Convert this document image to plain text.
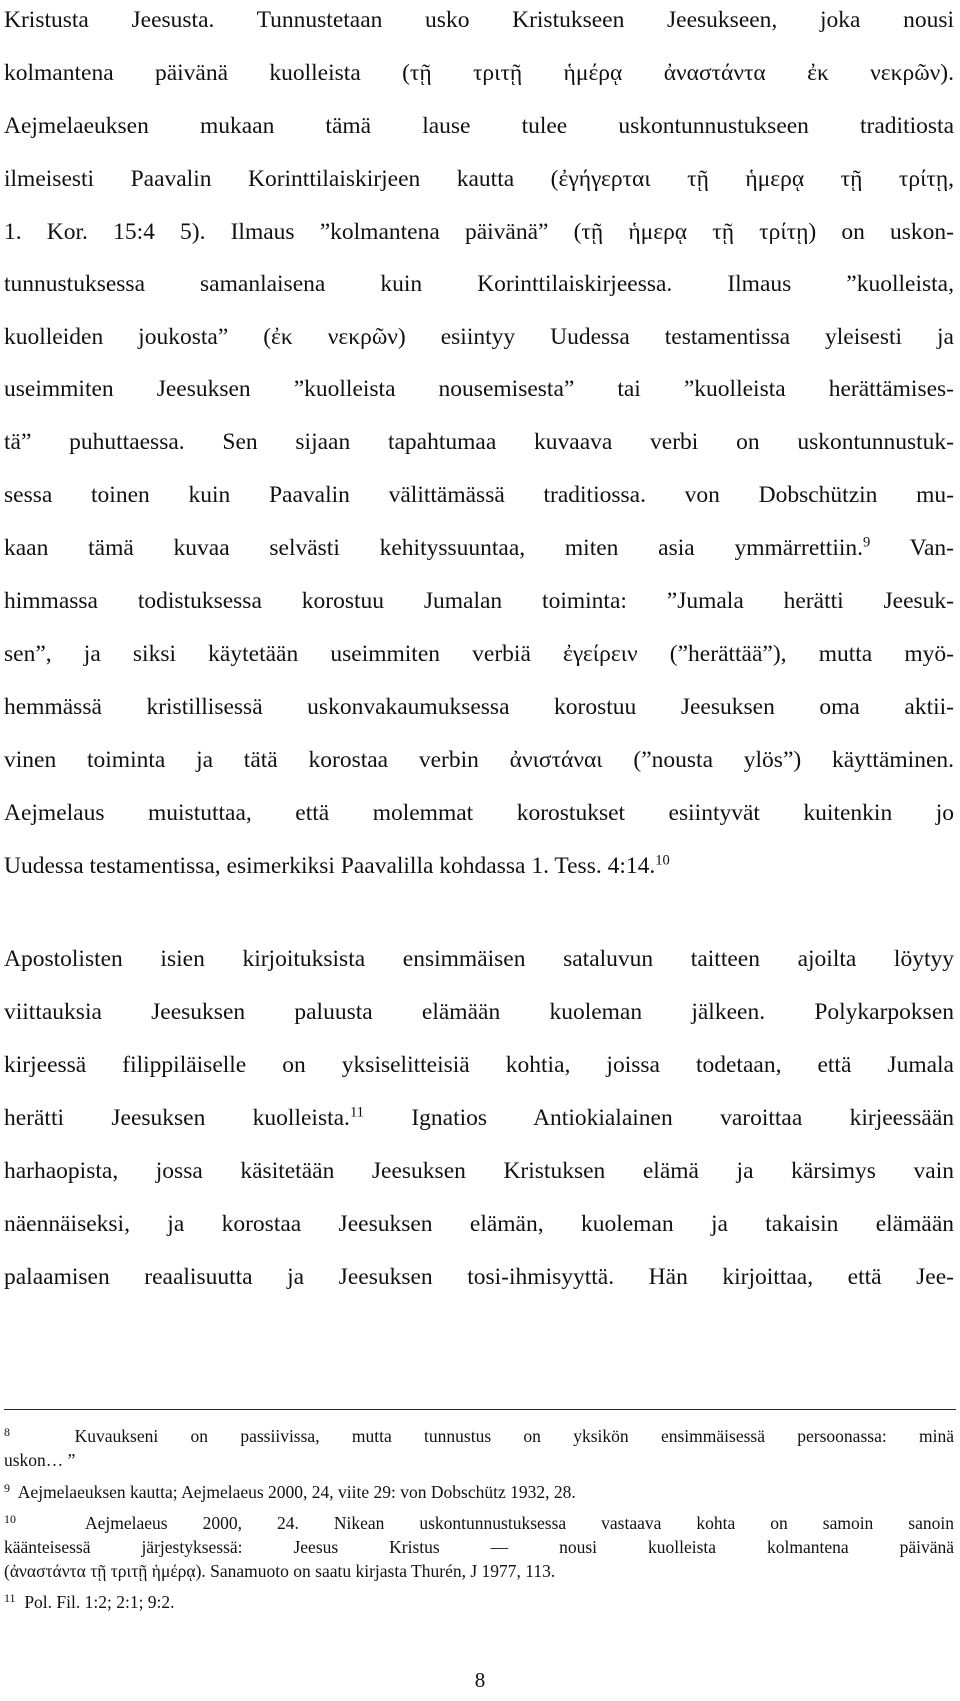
Kristusta Jeesusta. Tunnustetaan usko Kristukseen Jeesukseen, joka nousi
kolmantena päivänä kuolleista (τῇ τριτῇ ἡμέρᾳ ἀναστάντα ἐκ νεκρῶν).
Aejmelaeuksen mukaan tämä lause tulee uskontunnustukseen traditiosta
ilmeisesti Paavalin Korinttilaiskirjeen kautta (ἐγήγερται τῇ ἡμερᾳ τῇ τρίτῃ,
1. Kor. 15:4 5). Ilmaus ”kolmantena päivänä” (τῇ ἡμερᾳ τῇ τρίτῃ) on uskon-
tunnustuksessa samanlaisena kuin Korinttilaiskirjeessa. Ilmaus ”kuolleista,
kuolleiden joukosta” (ἐκ νεκρῶν) esiintyy Uudessa testamentissa yleisesti ja
useimmiten Jeesuksen ”kuolleista nousemisesta” tai ”kuolleista herättämises-
tä” puhuttaessa. Sen sijaan tapahtumaa kuvaava verbi on uskontunnustuk-
sessa toinen kuin Paavalin välittämässä traditiossa. von Dobschützin mu-
kaan tämä kuvaa selvästi kehityssuuntaa, miten asia ymmärrettiin.$^9$ Van-
himmassa todistuksessa korostuu Jumalan toiminta: ”Jumala herätti Jeesuk-
sen”, ja siksi käytetään useimmiten verbiä ἐγείρειν (”herättää”), mutta myö-
hemmässä kristillisessä uskonvakaumuksessa korostuu Jeesuksen oma aktii-
vinen toiminta ja tätä korostaa verbin ἀνιστάναι (”nousta ylös”) käyttäminen.
Aejmelaus muistuttaa, että molemmat korostukset esiintyvät kuitenkin jo
Uudessa testamentissa, esimerkiksi Paavalilla kohdassa 1. Tess. 4:14.10
Apostolisten isien kirjoituksista ensimmäisen sataluvun taitteen ajoilta löytyy
viittauksia Jeesuksen paluusta elämään kuoleman jälkeen. Polykarpoksen
kirjeessä filippiläiselle on yksiselitteisiä kohtia, joissa todetaan, että Jumala
herätti Jeesuksen kuolleista.$^{11}$ Ignatios Antiokialainen varoittaa kirjeessään
harhaopista, jossa käsitetään Jeesuksen Kristuksen elämä ja kärsimys vain
näennäiseksi, ja korostaa Jeesuksen elämän, kuoleman ja takaisin elämään
palaamisen reaalisuutta ja Jeesuksen tosi-ihmisyyttä. Hän kirjoittaa, että Jee-
$^8$	Kuvaukseni on passiivissa, mutta tunnustus on yksikön ensimmäisessä persoonassa: minä
uskon… ”
$^9$ Aejmelaeuksen kautta; Aejmelaeus 2000, 24, viite 29: von Dobschütz 1932, 28.
$^{10}$	Aejmelaeus 2000, 24. Nikean uskontunnustuksessa vastaava kohta on samoin sanoin
käänteisessä järjestyksessä: Jeesus Kristus — nousi kuolleista kolmantena päivänä
(ἀναστάντα τῇ τριτῇ ἡμέρᾳ). Sanamuoto on saatu kirjasta Thurén, J 1977, 113.
$^{11}$ Pol. Fil. 1:2; 2:1; 9:2.
8
